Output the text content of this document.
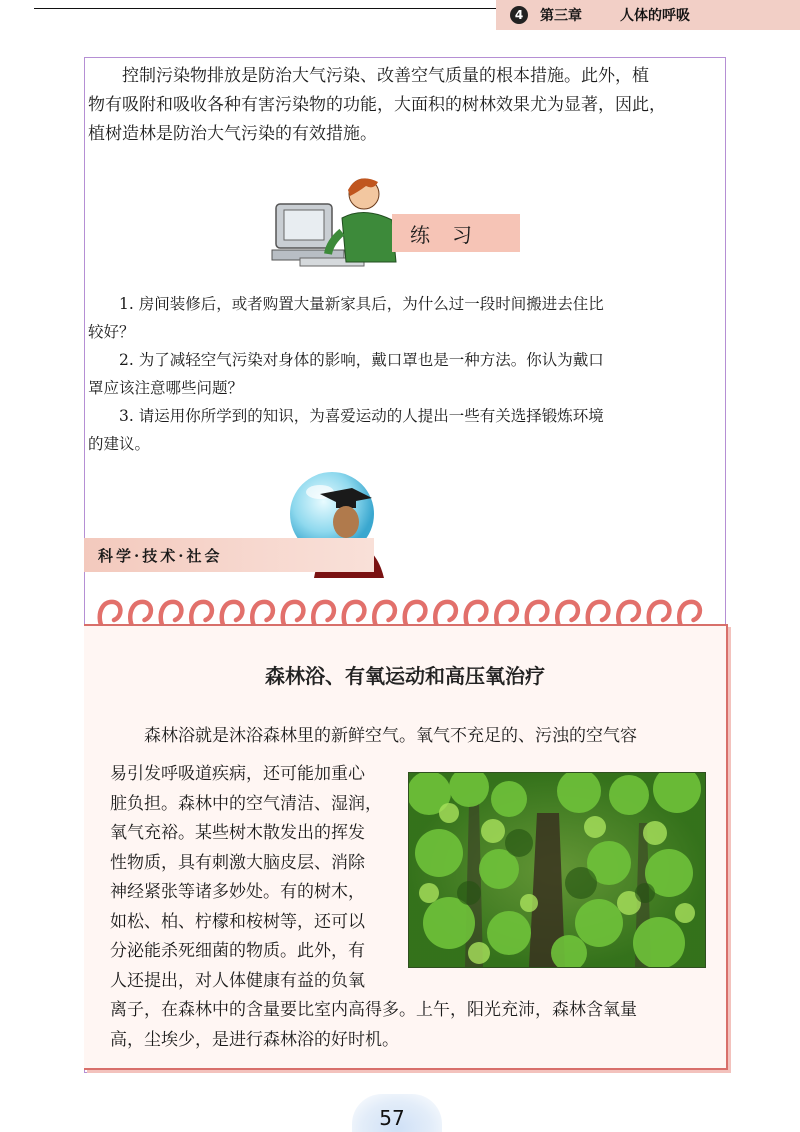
4	第三章	人体的呼吸
控制污染物排放是防治大气污染、改善空气质量的根本措施。此外，植
物有吸附和吸收各种有害污染物的功能，大面积的树林效果尤为显著，因此，
植树造林是防治大气污染的有效措施。
练习
1. 房间装修后，或者购置大量新家具后，为什么过一段时间搬进去住比
较好？
2. 为了减轻空气污染对身体的影响，戴口罩也是一种方法。你认为戴口
罩应该注意哪些问题？
3. 请运用你所学到的知识，为喜爱运动的人提出一些有关选择锻炼环境
的建议。
科学·技术·社会
森林浴、有氧运动和高压氧治疗
森林浴就是沐浴森林里的新鲜空气。氧气不充足的、污浊的空气容
易引发呼吸道疾病，还可能加重心
脏负担。森林中的空气清洁、湿润，
氧气充裕。某些树木散发出的挥发
性物质，具有刺激大脑皮层、消除
神经紧张等诸多妙处。有的树木，
如松、柏、柠檬和桉树等，还可以
分泌能杀死细菌的物质。此外，有
人还提出，对人体健康有益的负氧
离子，在森林中的含量要比室内高得多。上午，阳光充沛，森林含氧量
高，尘埃少，是进行森林浴的好时机。
57
